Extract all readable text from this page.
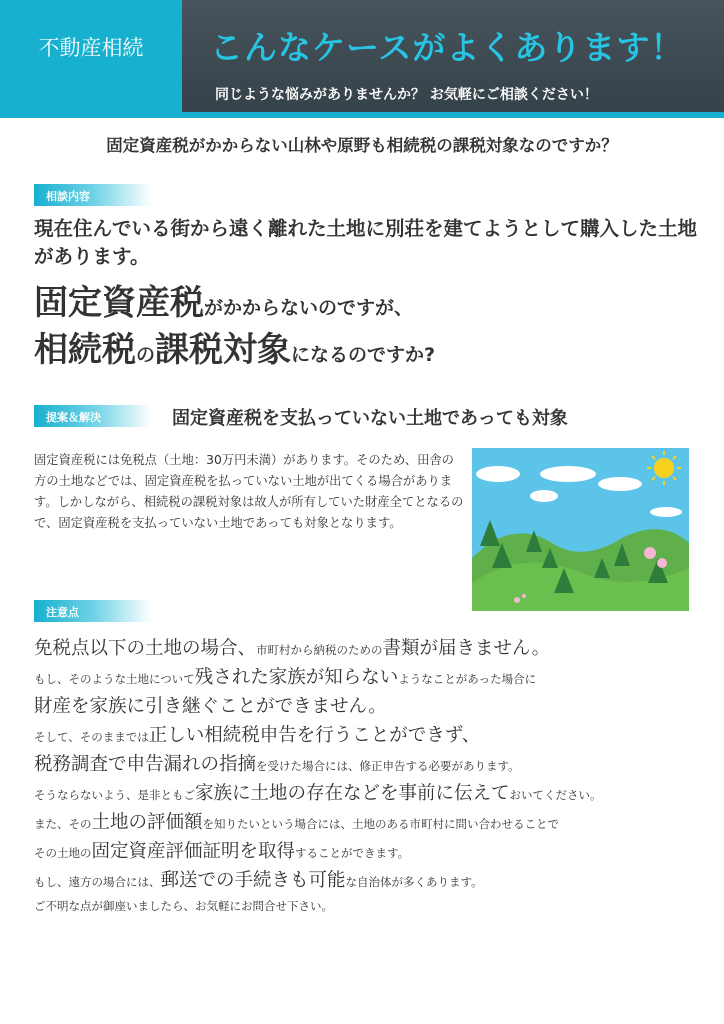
不動産相続	こんなケースがよくあります！
同じような悩みがありませんか？ お気軽にご相談ください！
固定資産税がかからない山林や原野も相続税の課税対象なのですか？
相談内容
現在住んでいる街から遠く離れた土地に別荘を建てようとして購入した土地があります。
固定資産税がかからないのですが、
相続税の課税対象になるのですか?
提案＆解決	固定資産税を支払っていない土地であっても対象
固定資産税には免税点（土地：30万円未満）があります。そのため、田舎の方の土地などでは、固定資産税を払っていない土地が出てくる場合があります。しかしながら、相続税の課税対象は故人が所有していた財産全てとなるので、固定資産税を支払っていない土地であっても対象となります。
注意点
免税点以下の土地の場合、市町村から納税のための書類が届きません。
もし、そのような土地について残された家族が知らないようなことがあった場合に
財産を家族に引き継ぐことができません。
そして、そのままでは正しい相続税申告を行うことができず、
税務調査で申告漏れの指摘を受けた場合には、修正申告する必要があります。
そうならないよう、是非ともご家族に土地の存在などを事前に伝えておいてください。
また、その土地の評価額を知りたいという場合には、土地のある市町村に問い合わせることで
その土地の固定資産評価証明を取得することができます。
もし、遠方の場合には、郵送での手続きも可能な自治体が多くあります。
ご不明な点が御座いましたら、お気軽にお問合せ下さい。
